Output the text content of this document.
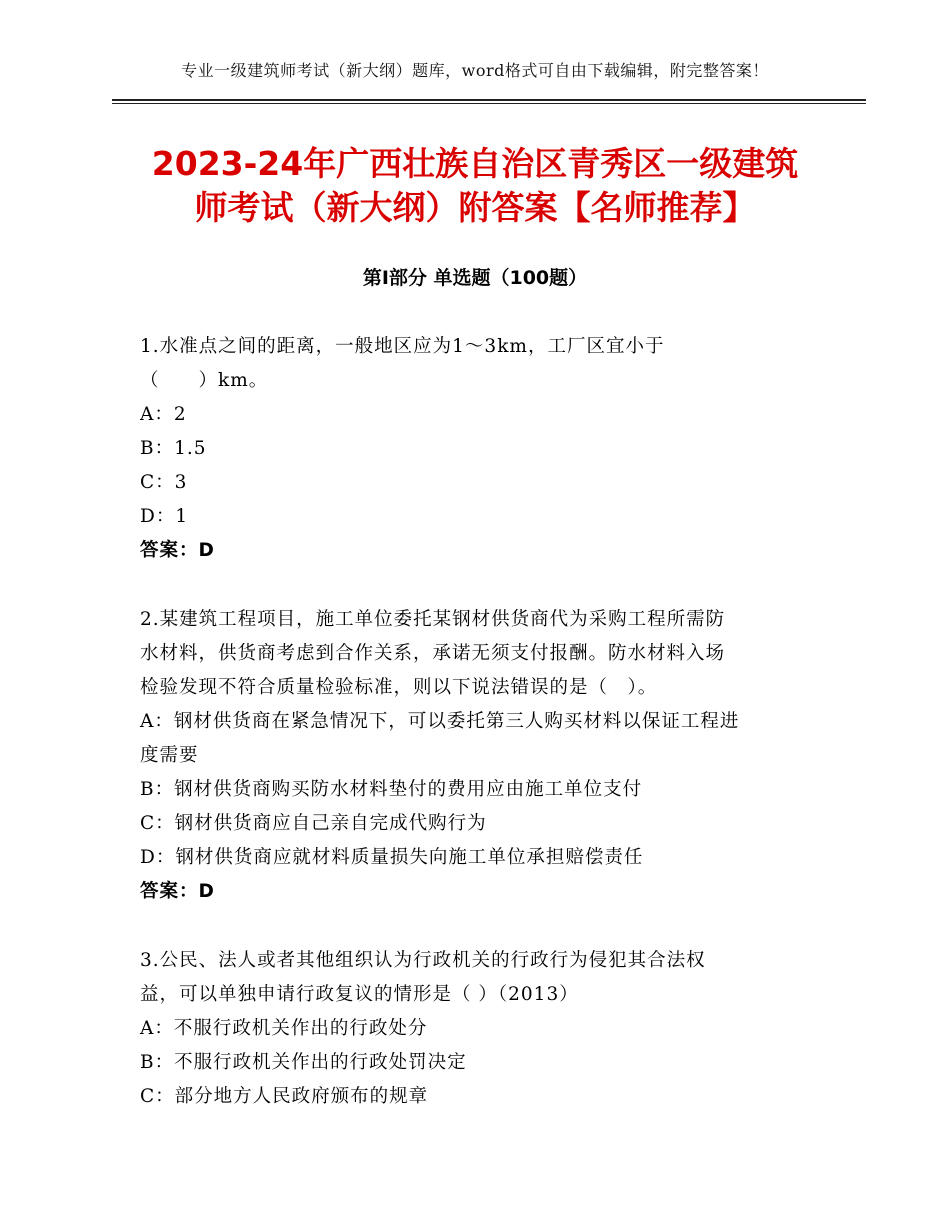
专业一级建筑师考试（新大纲）题库，word格式可自由下载编辑，附完整答案！
2023-24年广西壮族自治区青秀区一级建筑
师考试（新大纲）附答案【名师推荐】
第Ⅰ部分 单选题（100题）
1.水准点之间的距离，一般地区应为1～3km，工厂区宜小于
（　　）km。
A：2
B：1.5
C：3
D：1
答案：D
2.某建筑工程项目，施工单位委托某钢材供货商代为采购工程所需防
水材料，供货商考虑到合作关系，承诺无须支付报酬。防水材料入场
检验发现不符合质量检验标准，则以下说法错误的是（　）。
A：钢材供货商在紧急情况下，可以委托第三人购买材料以保证工程进
度需要
B：钢材供货商购买防水材料垫付的费用应由施工单位支付
C：钢材供货商应自己亲自完成代购行为
D：钢材供货商应就材料质量损失向施工单位承担赔偿责任
答案：D
3.公民、法人或者其他组织认为行政机关的行政行为侵犯其合法权
益，可以单独申请行政复议的情形是（ ）（2013）
A：不服行政机关作出的行政处分
B：不服行政机关作出的行政处罚决定
C：部分地方人民政府颁布的规章
